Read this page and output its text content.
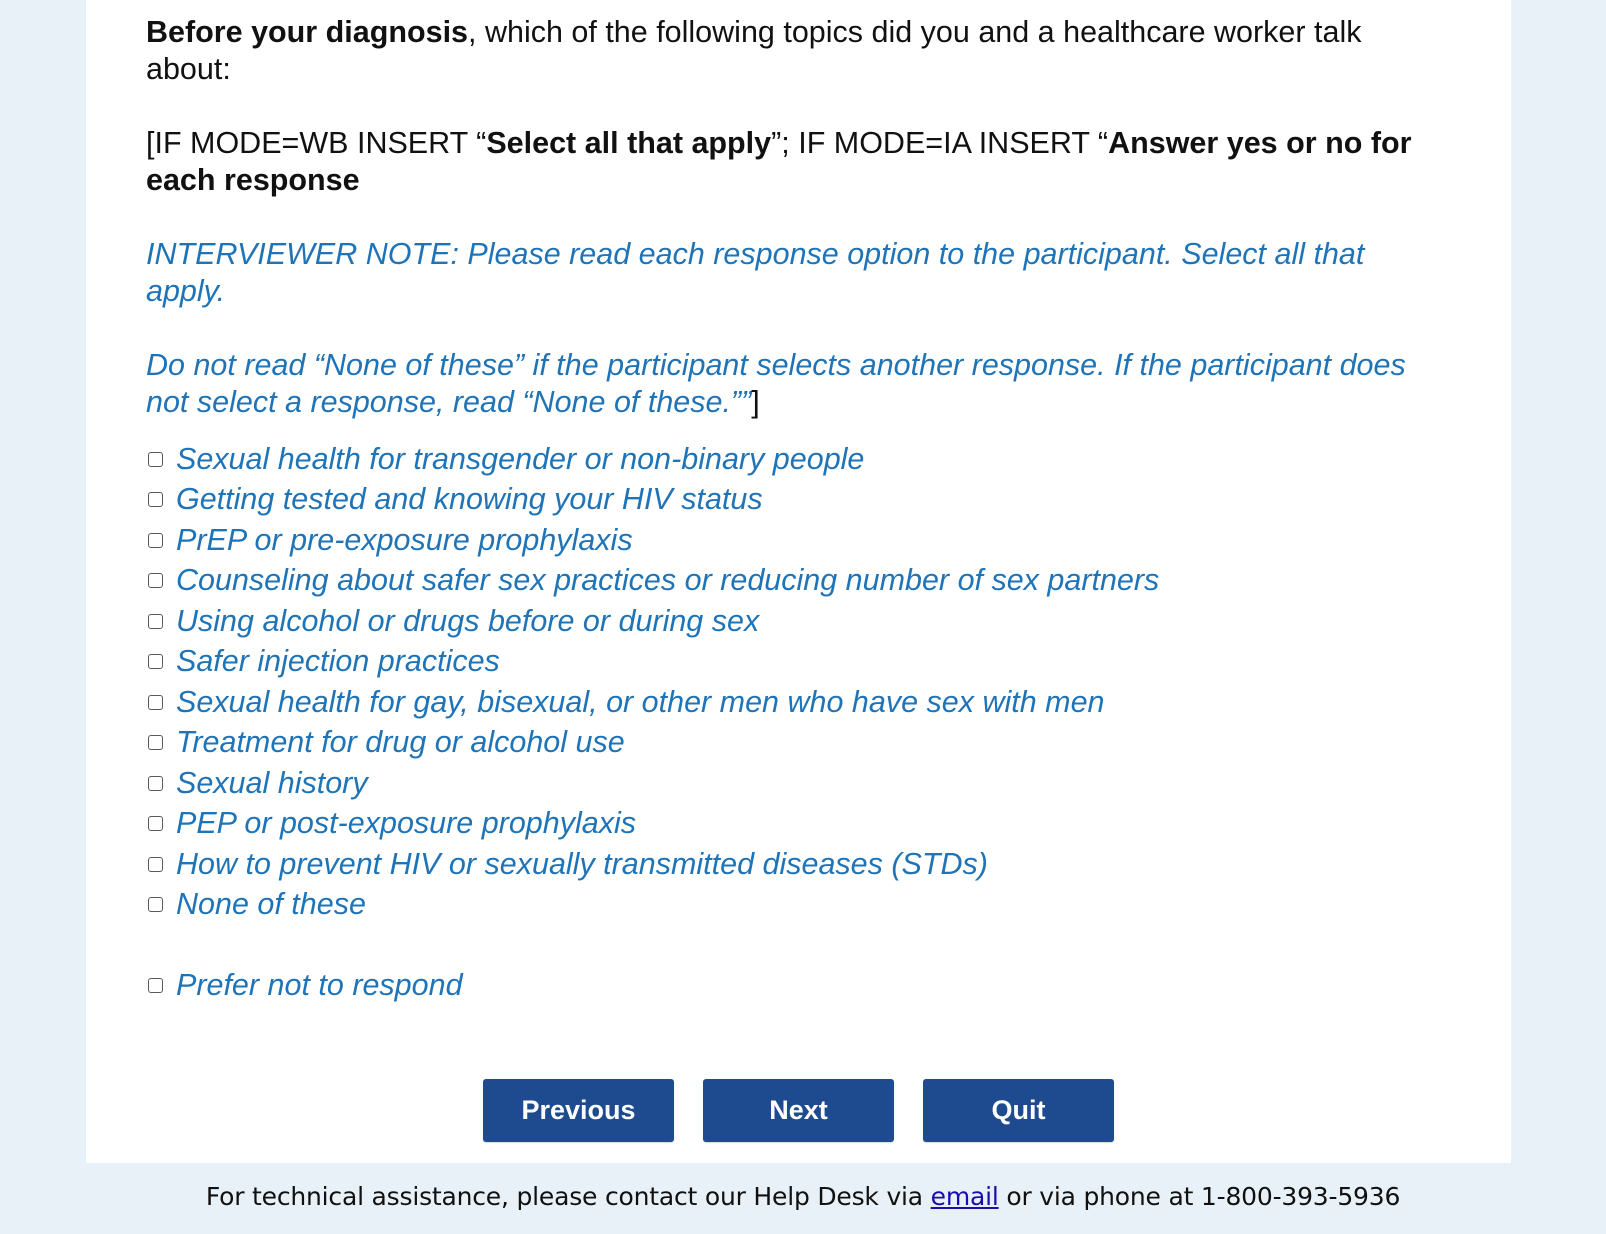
Before your diagnosis, which of the following topics did you and a healthcare worker talk about:

[IF MODE=WB INSERT “Select all that apply”; IF MODE=IA INSERT “Answer yes or no for each response

INTERVIEWER NOTE: Please read each response option to the participant. Select all that apply.

Do not read “None of these” if the participant selects another response. If the participant does not select a response, read “None of these.””]

Sexual health for transgender or non-binary people
Getting tested and knowing your HIV status
PrEP or pre-exposure prophylaxis
Counseling about safer sex practices or reducing number of sex partners
Using alcohol or drugs before or during sex
Safer injection practices
Sexual health for gay, bisexual, or other men who have sex with men
Treatment for drug or alcohol use
Sexual history
PEP or post-exposure prophylaxis
How to prevent HIV or sexually transmitted diseases (STDs)
None of these
Prefer not to respond
Previous	Next	Quit
For technical assistance, please contact our Help Desk via email or via phone at 1-800-393-5936
